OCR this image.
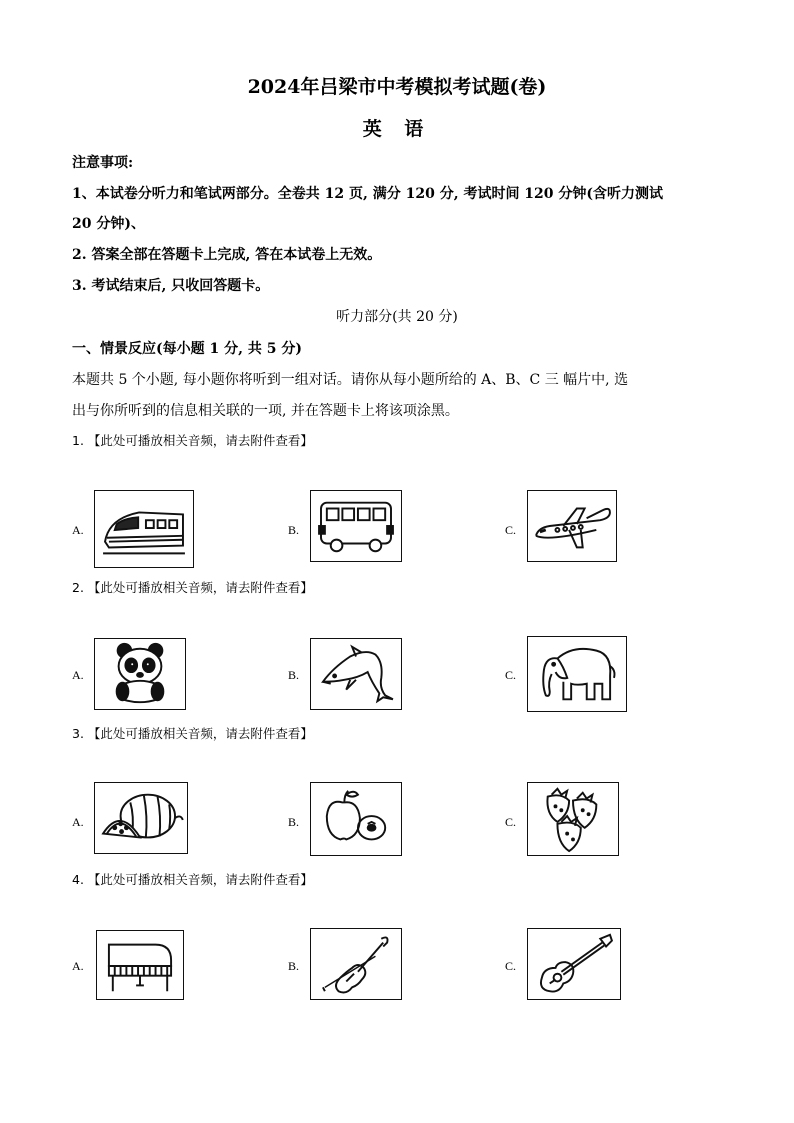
2024年吕梁市中考模拟考试题(卷)
英 语
注意事项:
1、本试卷分听力和笔试两部分。全卷共 12 页, 满分 120 分, 考试时间 120 分钟(含听力测试
20 分钟)、
2. 答案全部在答题卡上完成, 答在本试卷上无效。
3. 考试结束后, 只收回答题卡。
听力部分(共 20 分)
一、情景反应(每小题 1 分, 共 5 分)
本题共 5 个小题, 每小题你将听到一组对话。请你从每小题所给的 A、B、C 三 幅片中, 选
出与你所听到的信息相关联的一项, 并在答题卡上将该项涂黑。
1. 【此处可播放相关音频，请去附件查看】
A.	B.	C.
2. 【此处可播放相关音频，请去附件查看】
A.	B.	C.
3. 【此处可播放相关音频，请去附件查看】
A.	B.	C.
4. 【此处可播放相关音频，请去附件查看】
A.	B.	C.
